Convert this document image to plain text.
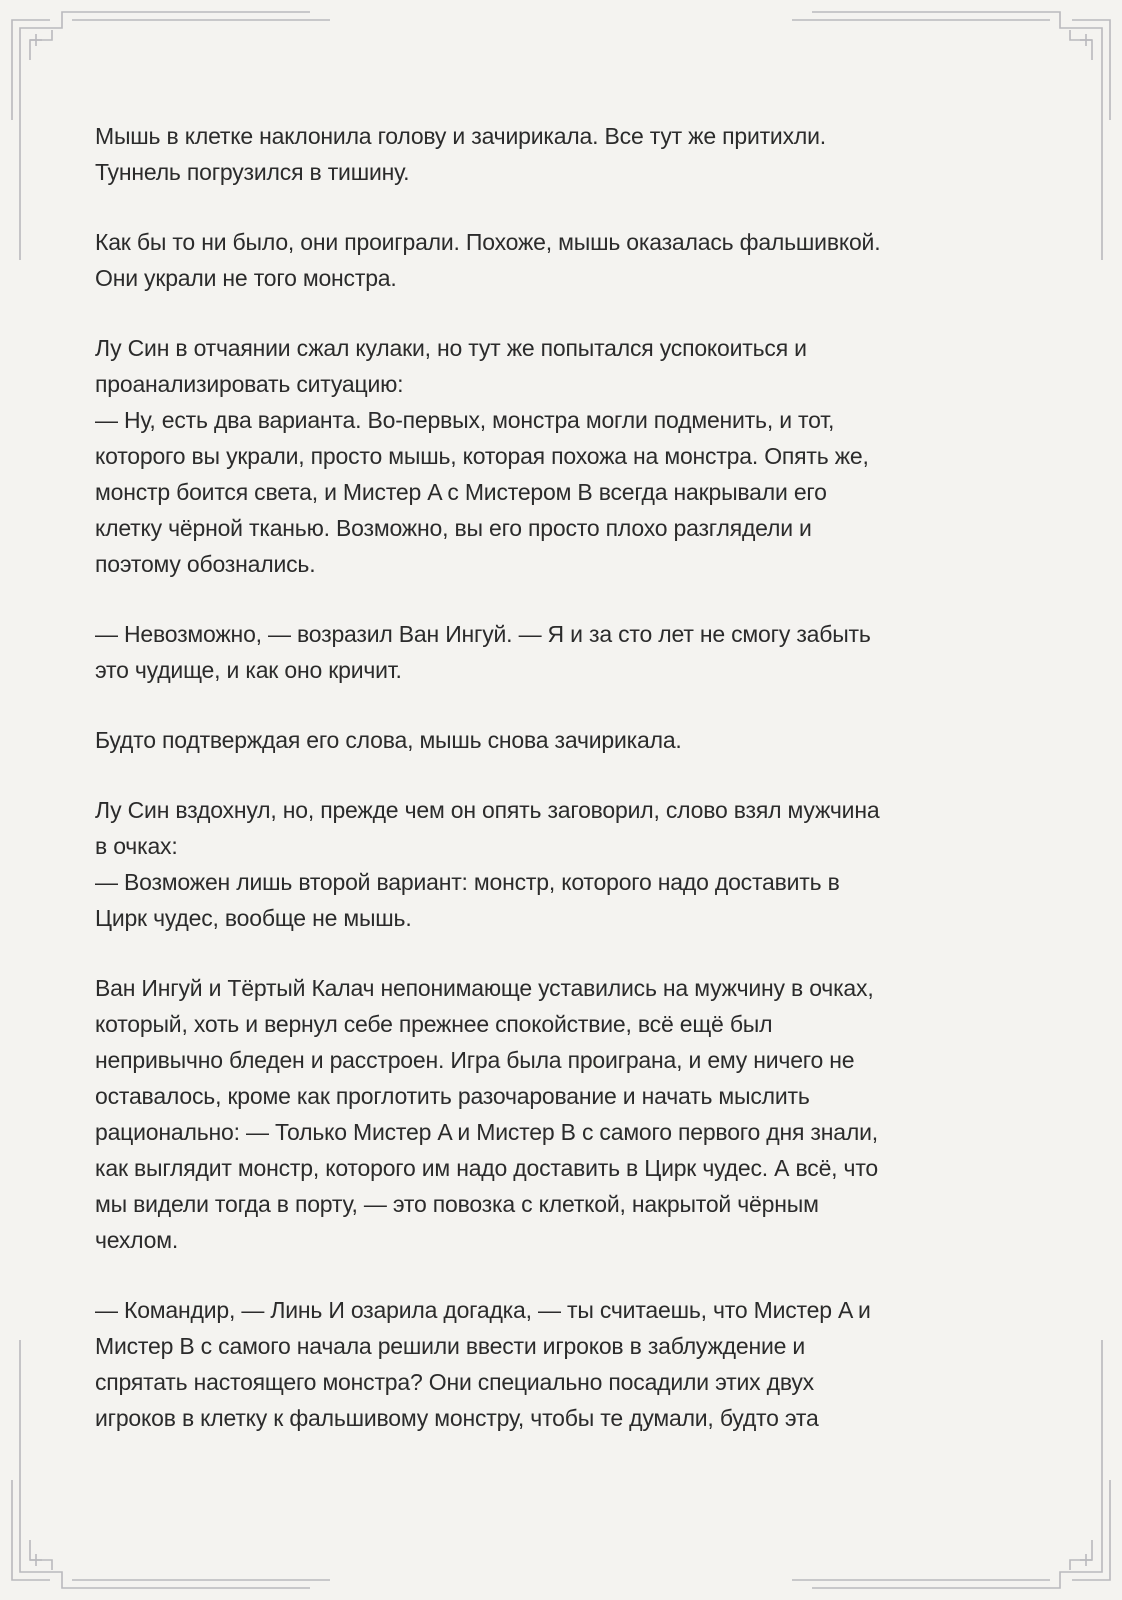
Мышь в клетке наклонила голову и зачирикала. Все тут же притихли.
Туннель погрузился в тишину.

Как бы то ни было, они проиграли. Похоже, мышь оказалась фальшивкой.
Они украли не того монстра.

Лу Син в отчаянии сжал кулаки, но тут же попытался успокоиться и
проанализировать ситуацию:
— Ну, есть два варианта. Во-первых, монстра могли подменить, и тот,
которого вы украли, просто мышь, которая похожа на монстра. Опять же,
монстр боится света, и Мистер A с Мистером B всегда накрывали его
клетку чёрной тканью. Возможно, вы его просто плохо разглядели и
поэтому обознались.

— Невозможно, — возразил Ван Ингуй. — Я и за сто лет не смогу забыть
это чудище, и как оно кричит.

Будто подтверждая его слова, мышь снова зачирикала.

Лу Син вздохнул, но, прежде чем он опять заговорил, слово взял мужчина
в очках:
— Возможен лишь второй вариант: монстр, которого надо доставить в
Цирк чудес, вообще не мышь.

Ван Ингуй и Тёртый Калач непонимающе уставились на мужчину в очках,
который, хоть и вернул себе прежнее спокойствие, всё ещё был
непривычно бледен и расстроен. Игра была проиграна, и ему ничего не
оставалось, кроме как проглотить разочарование и начать мыслить
рационально: — Только Мистер A и Мистер B с самого первого дня знали,
как выглядит монстр, которого им надо доставить в Цирк чудес. А всё, что
мы видели тогда в порту, — это повозка с клеткой, накрытой чёрным
чехлом.

— Командир, — Линь И озарила догадка, — ты считаешь, что Мистер A и
Мистер B с самого начала решили ввести игроков в заблуждение и
спрятать настоящего монстра? Они специально посадили этих двух
игроков в клетку к фальшивому монстру, чтобы те думали, будто эта
